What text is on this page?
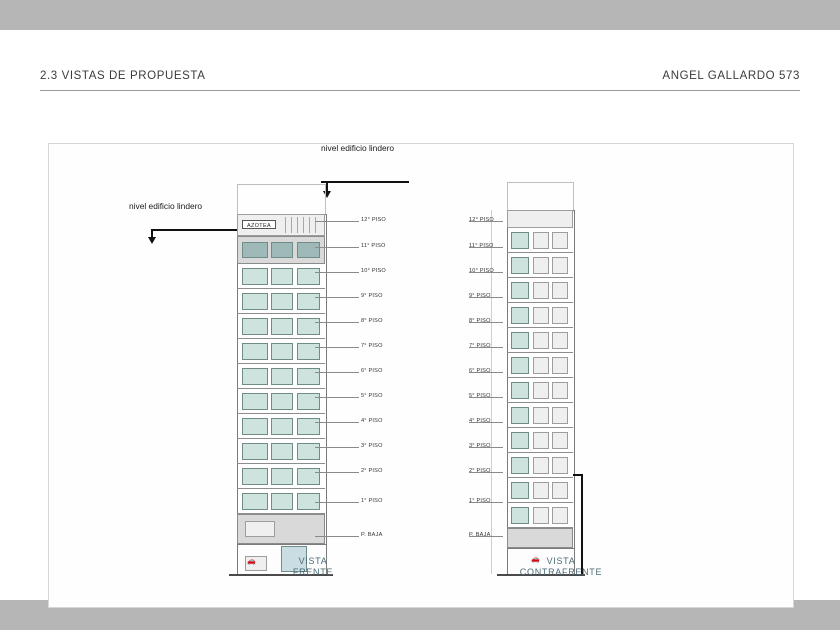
2.3 VISTAS DE PROPUESTA	ANGEL GALLARDO 573
nivel edificio lindero
nivel edificio lindero
AZOTEA
🚗
12° PISO
11° PISO
10° PISO
9° PISO
8° PISO
7° PISO
6° PISO
5° PISO
4° PISO
3° PISO
2° PISO
1° PISO
P. BAJA
VISTA
FRENTE
🚗
12° PISO
11° PISO
10° PISO
9° PISO
8° PISO
7° PISO
6° PISO
5° PISO
4° PISO
3° PISO
2° PISO
1° PISO
P. BAJA
VISTA
CONTRAFRENTE
